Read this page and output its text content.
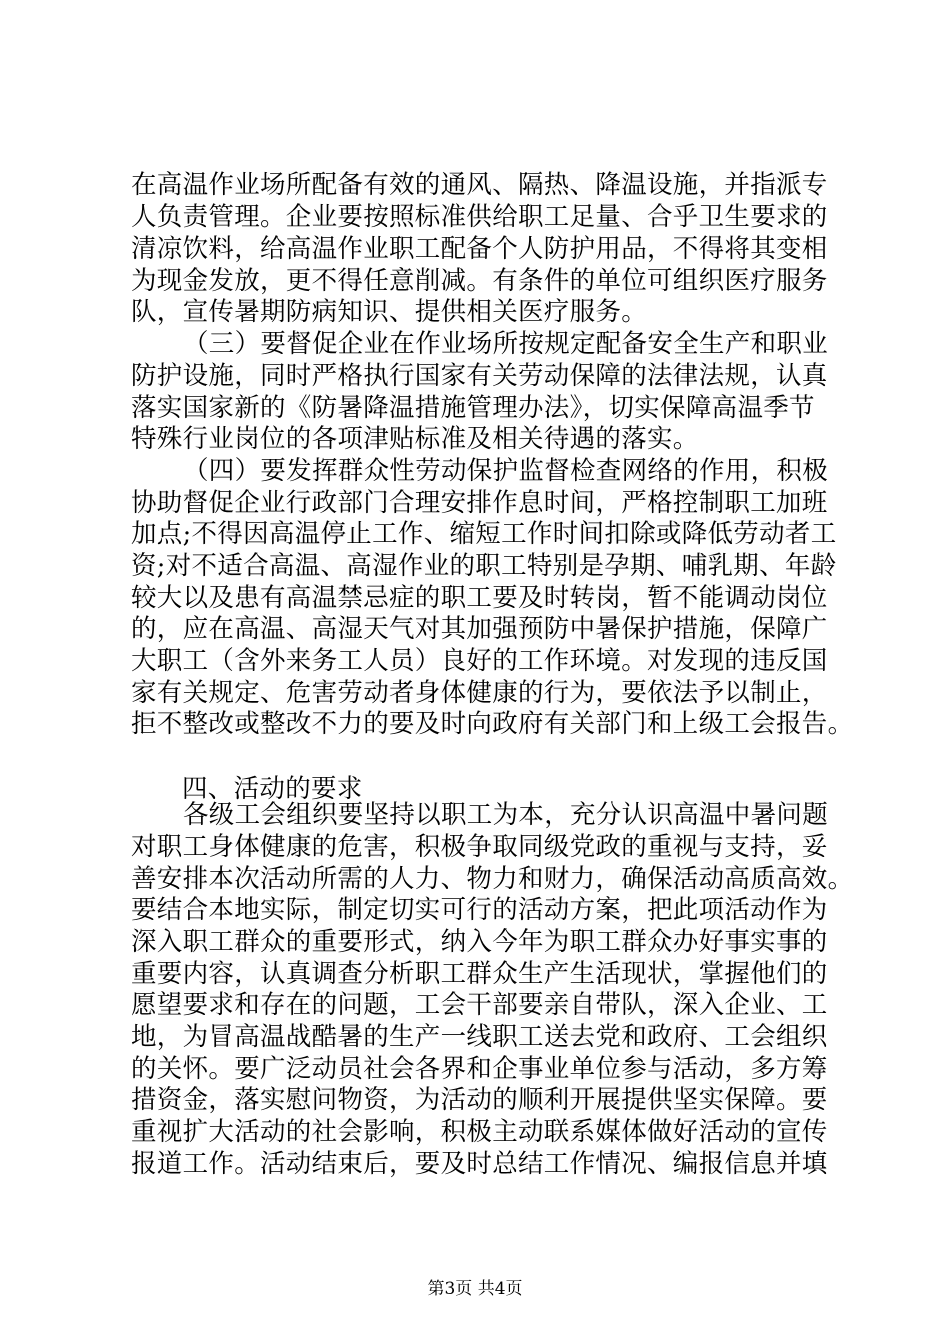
在高温作业场所配备有效的通风、隔热、降温设施，并指派专
人负责管理。企业要按照标准供给职工足量、合乎卫生要求的
清凉饮料，给高温作业职工配备个人防护用品，不得将其变相
为现金发放，更不得任意削减。有条件的单位可组织医疗服务
队，宣传暑期防病知识、提供相关医疗服务。
（三）要督促企业在作业场所按规定配备安全生产和职业
防护设施，同时严格执行国家有关劳动保障的法律法规，认真
落实国家新的《防暑降温措施管理办法》，切实保障高温季节
特殊行业岗位的各项津贴标准及相关待遇的落实。
（四）要发挥群众性劳动保护监督检查网络的作用，积极
协助督促企业行政部门合理安排作息时间，严格控制职工加班
加点;不得因高温停止工作、缩短工作时间扣除或降低劳动者工
资;对不适合高温、高湿作业的职工特别是孕期、哺乳期、年龄
较大以及患有高温禁忌症的职工要及时转岗，暂不能调动岗位
的，应在高温、高湿天气对其加强预防中暑保护措施，保障广
大职工（含外来务工人员）良好的工作环境。对发现的违反国
家有关规定、危害劳动者身体健康的行为，要依法予以制止，
拒不整改或整改不力的要及时向政府有关部门和上级工会报告。
四、活动的要求
各级工会组织要坚持以职工为本，充分认识高温中暑问题
对职工身体健康的危害，积极争取同级党政的重视与支持，妥
善安排本次活动所需的人力、物力和财力，确保活动高质高效。
要结合本地实际，制定切实可行的活动方案，把此项活动作为
深入职工群众的重要形式，纳入今年为职工群众办好事实事的
重要内容，认真调查分析职工群众生产生活现状，掌握他们的
愿望要求和存在的问题，工会干部要亲自带队，深入企业、工
地，为冒高温战酷暑的生产一线职工送去党和政府、工会组织
的关怀。要广泛动员社会各界和企事业单位参与活动，多方筹
措资金，落实慰问物资，为活动的顺利开展提供坚实保障。要
重视扩大活动的社会影响，积极主动联系媒体做好活动的宣传
报道工作。活动结束后，要及时总结工作情况、编报信息并填
第3页 共4页
